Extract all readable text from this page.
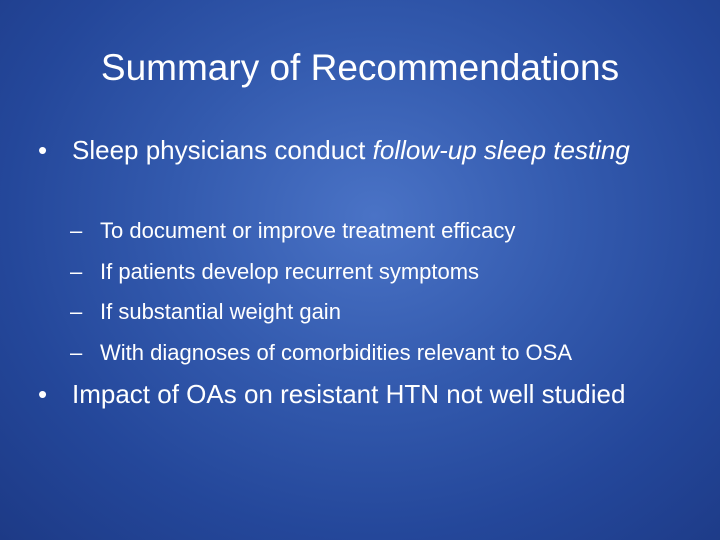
Summary of Recommendations
• Sleep physicians conduct follow-up sleep testing
– To document or improve treatment efficacy
– If patients develop recurrent symptoms
– If substantial weight gain
– With diagnoses of comorbidities relevant to OSA
• Impact of OAs on resistant HTN not well studied
